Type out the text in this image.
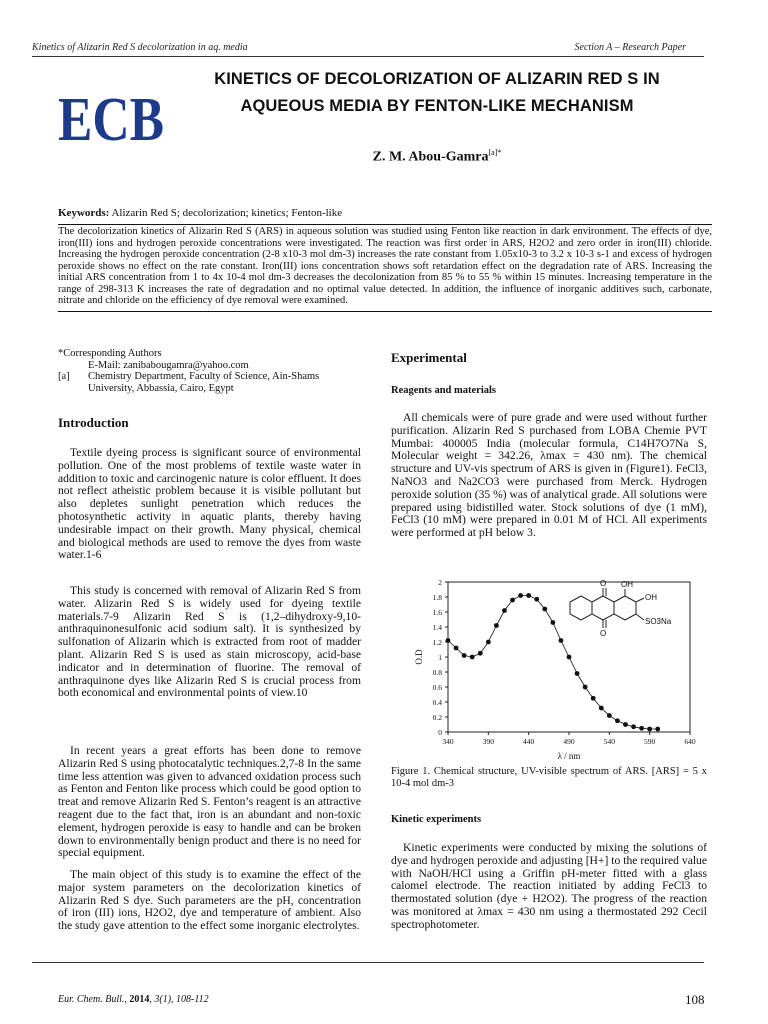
Kinetics of Alizarin Red S decolorization in aq. media	Section A – Research Paper
ECB
KINETICS OF DECOLORIZATION OF ALIZARIN RED S IN
AQUEOUS MEDIA BY FENTON-LIKE MECHANISM
Z. M. Abou-Gamra$^{[a]*}$
Keywords: Alizarin Red S; decolorization; kinetics; Fenton-like
The decolorization kinetics of Alizarin Red S (ARS) in aqueous solution was studied using Fenton like reaction in dark environment. The effects of dye, iron(III) ions and hydrogen peroxide concentrations were investigated. The reaction was first order in ARS, H2O2 and zero order in iron(III) chloride. Increasing the hydrogen peroxide concentration (2-8 x10-3 mol dm-3) increases the rate constant from 1.05x10-3 to 3.2 x 10-3 s-1 and excess of hydrogen peroxide shows no effect on the rate constant. Iron(III) ions concentration shows soft retardation effect on the degradation rate of ARS. Increasing the initial ARS concentration from 1 to 4x 10-4 mol dm-3 decreases the decolonization from 85 % to 55 % within 15 minutes. Increasing temperature in the range of 298-313 K increases the rate of degradation and no optimal value detected. In addition, the influence of inorganic additives such, carbonate, nitrate and chloride on the efficiency of dye removal were examined.
*Corresponding Authors
E-Mail: zanibabougamra@yahoo.com
[a]	Chemistry Department, Faculty of Science, Ain-Shams
University, Abbassia, Cairo, Egypt
Introduction

Textile dyeing process is significant source of environmental pollution. One of the most problems of textile waste water in addition to toxic and carcinogenic nature is color effluent. It does not reflect atheistic problem because it is visible pollutant but also depletes sunlight penetration which reduces the photosynthetic activity in aquatic plants, thereby having undesirable impact on their growth. Many physical, chemical and biological methods are used to remove the dyes from waste water.1-6

This study is concerned with removal of Alizarin Red S from water. Alizarin Red S is widely used for dyeing textile materials.7-9 Alizarin Red S is (1,2–dihydroxy-9,10-anthraquinonesulfonic acid sodium salt). It is synthesized by sulfonation of Alizarin which is extracted from root of madder plant. Alizarin Red S is used as stain microscopy, acid-base indicator and in determination of fluorine. The removal of anthraquinone dyes like Alizarin Red S is crucial process from both economical and environmental points of view.10

In recent years a great efforts has been done to remove Alizarin Red S using photocatalytic techniques.2,7-8 In the same time less attention was given to advanced oxidation process such as Fenton and Fenton like process which could be good option to treat and remove Alizarin Red S. Fenton’s reagent is an attractive reagent due to the fact that, iron is an abundant and non-toxic element, hydrogen peroxide is easy to handle and can be broken down to environmentally benign product and there is no need for special equipment.

The main object of this study is to examine the effect of the major system parameters on the decolorization kinetics of Alizarin Red S dye. Such parameters are the pH, concentration of iron (III) ions, H2O2, dye and temperature of ambient. Also the study gave attention to the effect some inorganic electrolytes.

Experimental
Reagents and materials

All chemicals were of pure grade and were used without further purification. Alizarin Red S purchased from LOBA Chemie PVT Mumbai: 400005 India (molecular formula, C14H7O7Na S, Molecular weight = 342.26, λmax = 430 nm). The chemical structure and UV-vis spectrum of ARS is given in (Figure1). FeCl3, NaNO3 and Na2CO3 were purchased from Merck. Hydrogen peroxide solution (35 %) was of analytical grade. All solutions were prepared using bidistilled water. Stock solutions of dye (1 mM), FeCl3 (10 mM) were prepared in 0.01 M of HCl. All experiments were performed at pH below 3.

0
0.2
0.4
0.6
0.8
1
1.2
1.4
1.6
1.8
2
340	390	440	490	540	590	640
λ / nm
O.D
O
O
OH
OH
SO3Na
Figure 1. Chemical structure, UV-visible spectrum of ARS. [ARS] = 5 x 10-4 mol dm-3
Kinetic experiments

Kinetic experiments were conducted by mixing the solutions of dye and hydrogen peroxide and adjusting [H+] to the required value with NaOH/HCl using a Griffin pH-meter fitted with a glass calomel electrode. The reaction initiated by adding FeCl3 to thermostated solution (dye + H2O2). The progress of the reaction was monitored at λmax = 430 nm using a thermostated 292 Cecil spectrophotometer.

Eur. Chem. Bull., 2014, 3(1), 108-112	108
